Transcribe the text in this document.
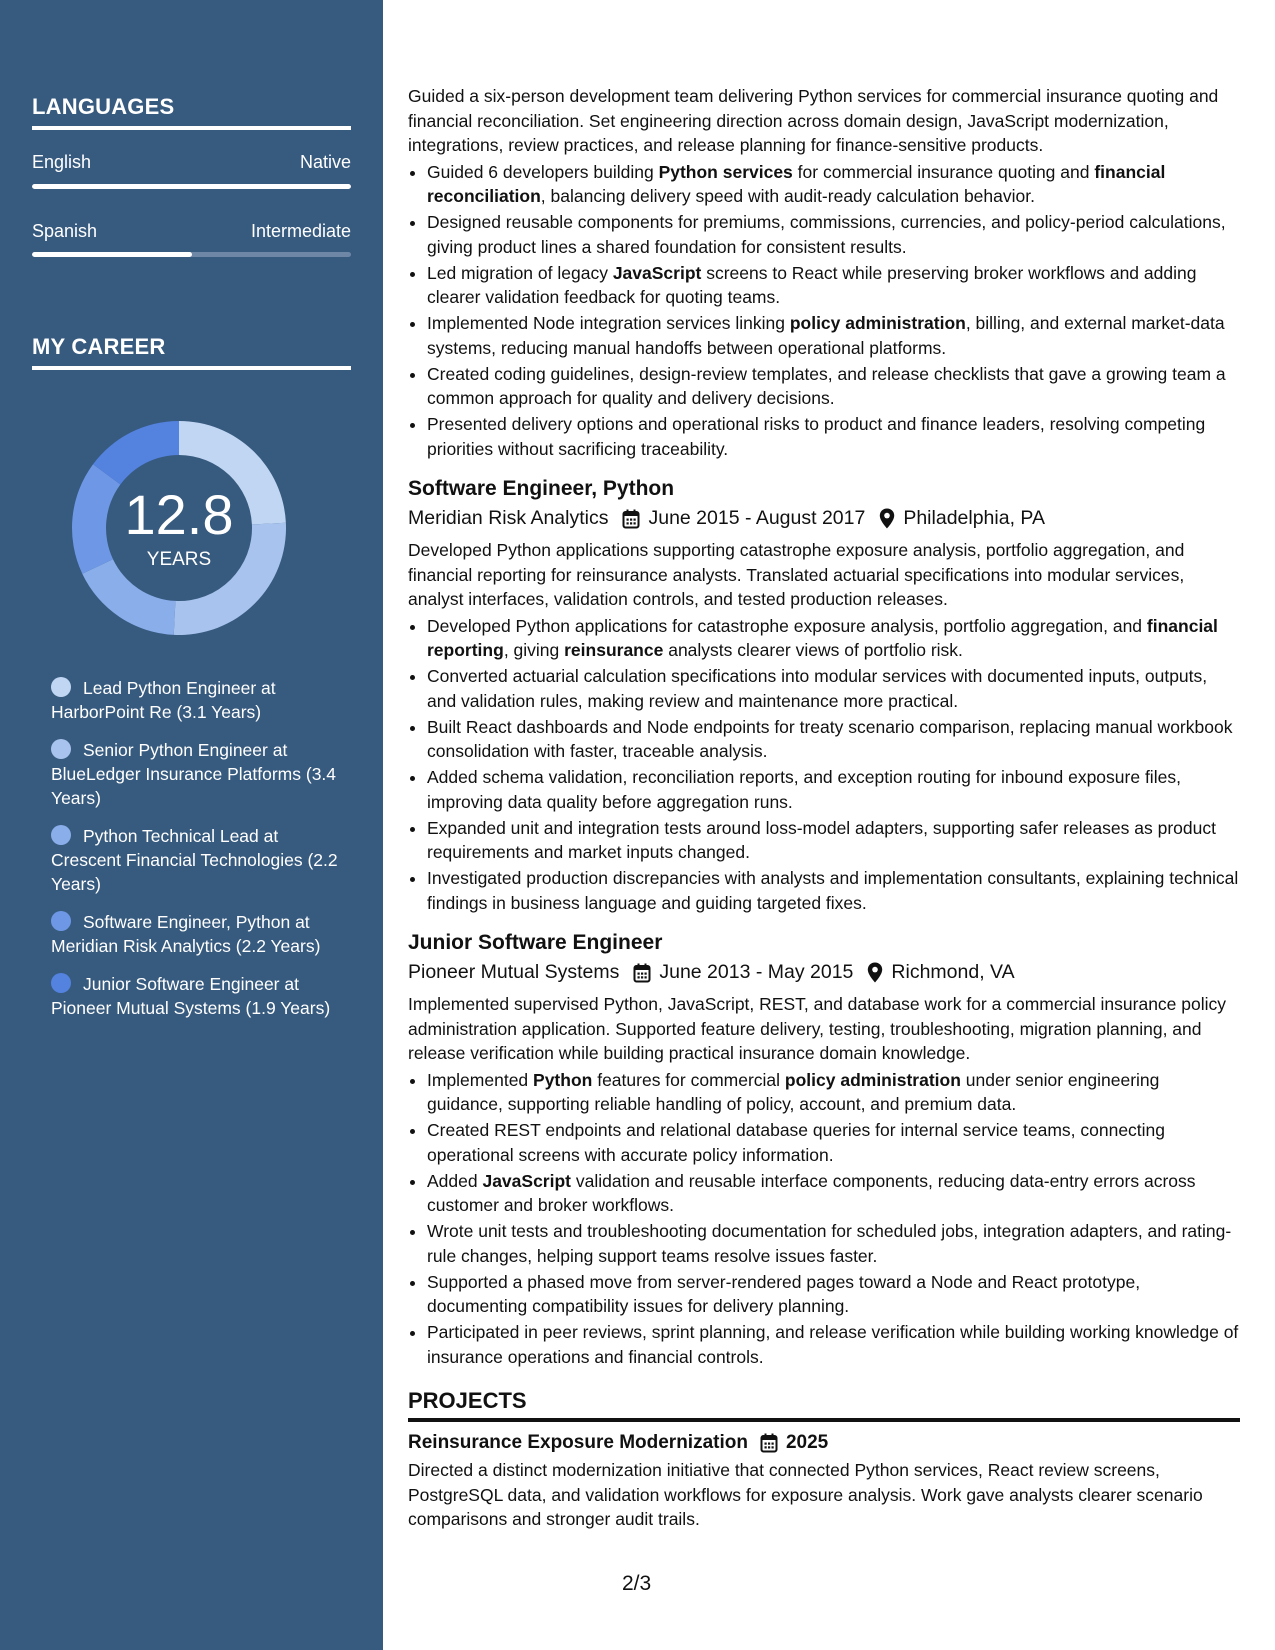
LANGUAGES
English	Native
Spanish	Intermediate
MY CAREER
12.8
YEARS
Lead Python Engineer at HarborPoint Re (3.1 Years)
Senior Python Engineer at BlueLedger Insurance Platforms (3.4 Years)
Python Technical Lead at Crescent Financial Technologies (2.2 Years)
Software Engineer, Python at Meridian Risk Analytics (2.2 Years)
Junior Software Engineer at Pioneer Mutual Systems (1.9 Years)

Guided a six-person development team delivering Python services for commercial insurance quoting and financial reconciliation. Set engineering direction across domain design, JavaScript modernization, integrations, review practices, and release planning for finance-sensitive products.

• Guided 6 developers building Python services for commercial insurance quoting and financial reconciliation, balancing delivery speed with audit-ready calculation behavior.
• Designed reusable components for premiums, commissions, currencies, and policy-period calculations, giving product lines a shared foundation for consistent results.
• Led migration of legacy JavaScript screens to React while preserving broker workflows and adding clearer validation feedback for quoting teams.
• Implemented Node integration services linking policy administration, billing, and external market-data systems, reducing manual handoffs between operational platforms.
• Created coding guidelines, design-review templates, and release checklists that gave a growing team a common approach for quality and delivery decisions.
• Presented delivery options and operational risks to product and finance leaders, resolving competing priorities without sacrificing traceability.
Software Engineer, Python
Meridian Risk Analytics June 2015 - August 2017 Philadelphia, PA

Developed Python applications supporting catastrophe exposure analysis, portfolio aggregation, and financial reporting for reinsurance analysts. Translated actuarial specifications into modular services, analyst interfaces, validation controls, and tested production releases.

• Developed Python applications for catastrophe exposure analysis, portfolio aggregation, and financial reporting, giving reinsurance analysts clearer views of portfolio risk.
• Converted actuarial calculation specifications into modular services with documented inputs, outputs, and validation rules, making review and maintenance more practical.
• Built React dashboards and Node endpoints for treaty scenario comparison, replacing manual workbook consolidation with faster, traceable analysis.
• Added schema validation, reconciliation reports, and exception routing for inbound exposure files, improving data quality before aggregation runs.
• Expanded unit and integration tests around loss-model adapters, supporting safer releases as product requirements and market inputs changed.
• Investigated production discrepancies with analysts and implementation consultants, explaining technical findings in business language and guiding targeted fixes.
Junior Software Engineer
Pioneer Mutual Systems June 2013 - May 2015 Richmond, VA

Implemented supervised Python, JavaScript, REST, and database work for a commercial insurance policy administration application. Supported feature delivery, testing, troubleshooting, migration planning, and release verification while building practical insurance domain knowledge.

• Implemented Python features for commercial policy administration under senior engineering guidance, supporting reliable handling of policy, account, and premium data.
• Created REST endpoints and relational database queries for internal service teams, connecting operational screens with accurate policy information.
• Added JavaScript validation and reusable interface components, reducing data-entry errors across customer and broker workflows.
• Wrote unit tests and troubleshooting documentation for scheduled jobs, integration adapters, and rating-rule changes, helping support teams resolve issues faster.
• Supported a phased move from server-rendered pages toward a Node and React prototype, documenting compatibility issues for delivery planning.
• Participated in peer reviews, sprint planning, and release verification while building working knowledge of insurance operations and financial controls.
PROJECTS
Reinsurance Exposure Modernization 2025

Directed a distinct modernization initiative that connected Python services, React review screens, PostgreSQL data, and validation workflows for exposure analysis. Work gave analysts clearer scenario comparisons and stronger audit trails.

2/3
